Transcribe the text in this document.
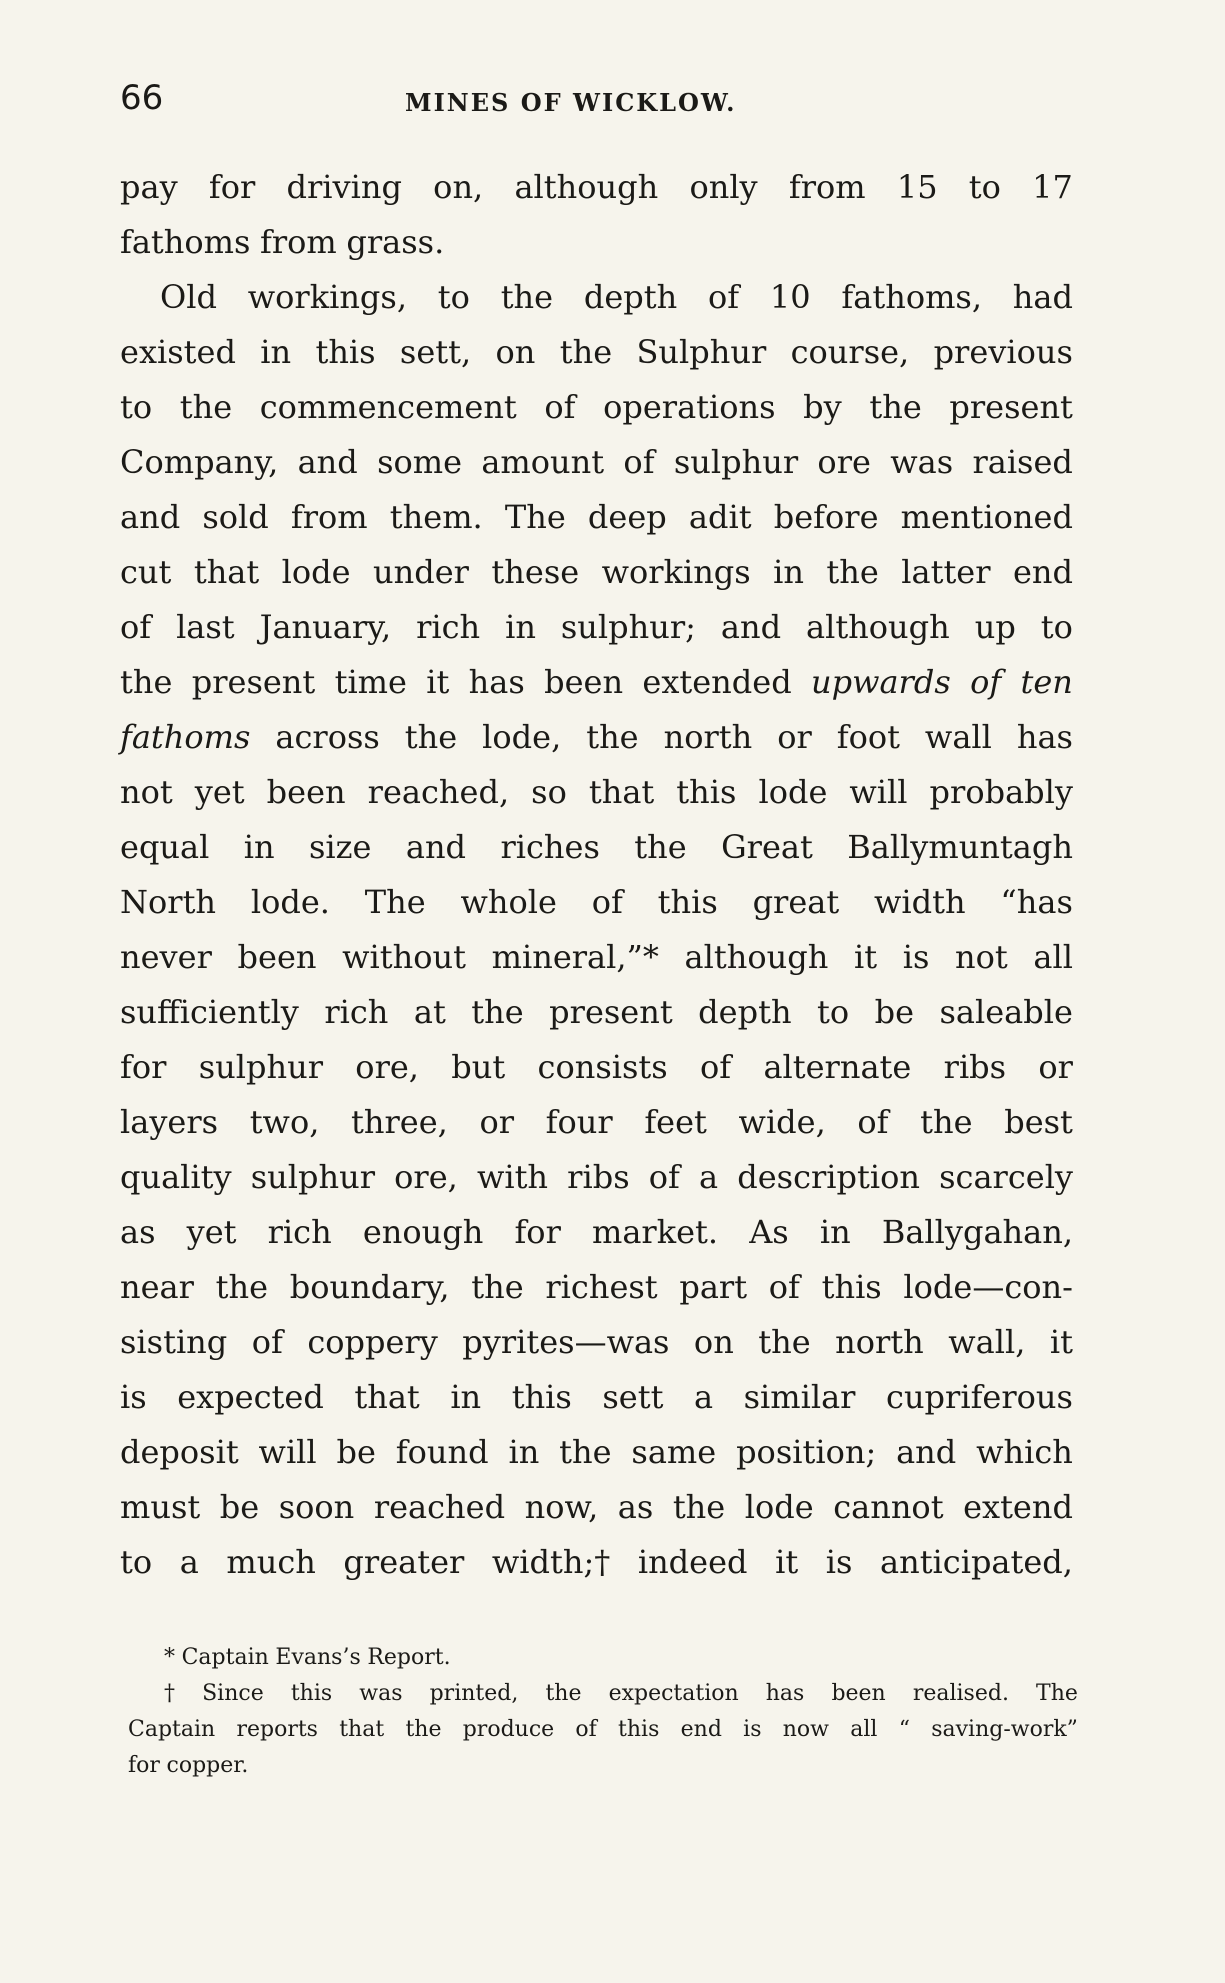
66	MINES OF WICKLOW.
pay for driving on, although only from 15 to 17
fathoms from grass.
Old workings, to the depth of 10 fathoms, had
existed in this sett, on the Sulphur course, previous
to the commencement of operations by the present
Company, and some amount of sulphur ore was raised
and sold from them. The deep adit before mentioned
cut that lode under these workings in the latter end
of last January, rich in sulphur; and although up to
the present time it has been extended upwards of ten
fathoms across the lode, the north or foot wall has
not yet been reached, so that this lode will probably
equal in size and riches the Great Ballymuntagh
North lode. The whole of this great width “has
never been without mineral,”* although it is not all
sufficiently rich at the present depth to be saleable
for sulphur ore, but consists of alternate ribs or
layers two, three, or four feet wide, of the best
quality sulphur ore, with ribs of a description scarcely
as yet rich enough for market. As in Ballygahan,
near the boundary, the richest part of this lode—con-
sisting of coppery pyrites—was on the north wall, it
is expected that in this sett a similar cupriferous
deposit will be found in the same position; and which
must be soon reached now, as the lode cannot extend
to a much greater width;† indeed it is anticipated,
* Captain Evans’s Report.
† Since this was printed, the expectation has been realised. The
Captain reports that the produce of this end is now all “ saving-work”
for copper.
